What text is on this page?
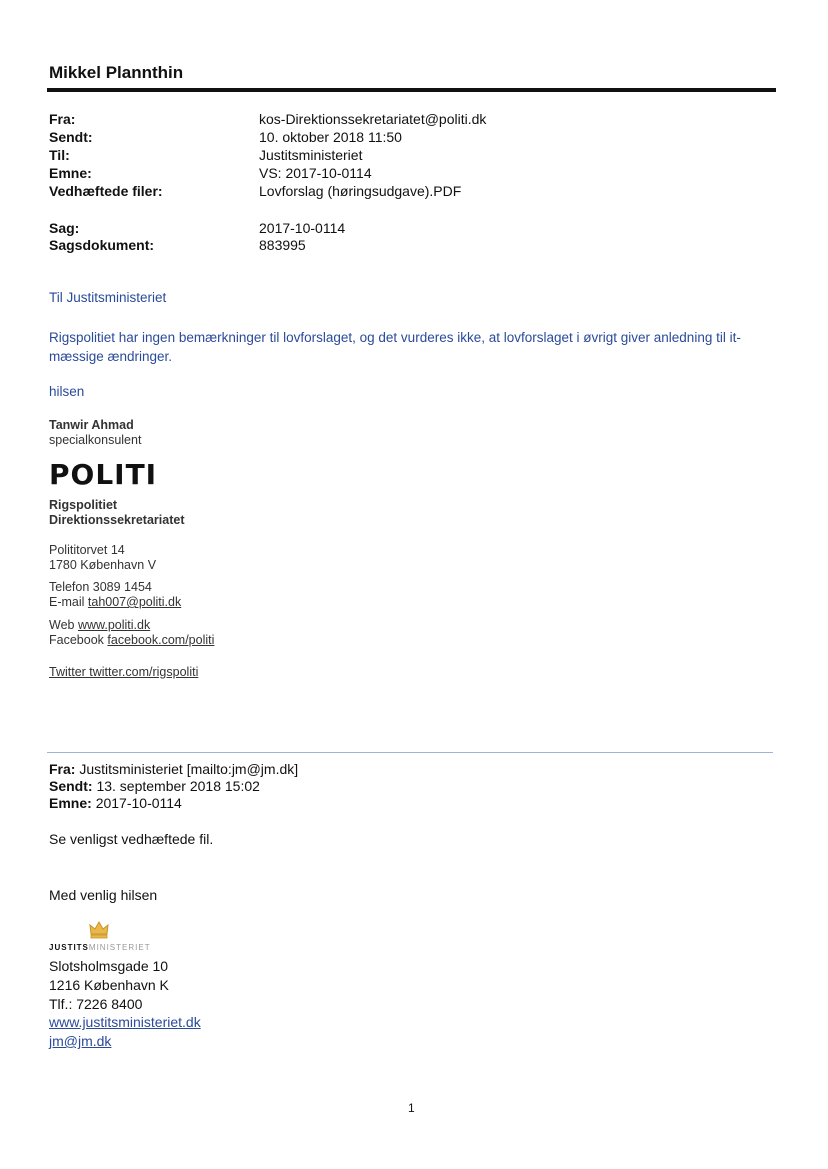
Mikkel Plannthin
Fra:	kos-Direktionssekretariatet@politi.dk
Sendt:	10. oktober 2018 11:50
Til:	Justitsministeriet
Emne:	VS: 2017-10-0114
Vedhæftede filer:	Lovforslag (høringsudgave).PDF
Sag:	2017-10-0114
Sagsdokument:	883995
Til Justitsministeriet
Rigspolitiet har ingen bemærkninger til lovforslaget, og det vurderes ikke, at lovforslaget i øvrigt giver anledning til it-mæssige ændringer.
hilsen
Tanwir Ahmad
specialkonsulent
POLITI
Rigspolitiet
Direktionssekretariatet
Polititorvet 14
1780 København V
Telefon 3089 1454
E-mail tah007@politi.dk
Web www.politi.dk
Facebook facebook.com/politi
Twitter twitter.com/rigspoliti
Fra: Justitsministeriet [mailto:jm@jm.dk]
Sendt: 13. september 2018 15:02
Emne: 2017-10-0114
Se venligst vedhæftede fil.
Med venlig hilsen
JUSTITSMINISTERIET
Slotsholmsgade 10
1216 København K
Tlf.: 7226 8400
www.justitsministeriet.dk
jm@jm.dk
1
